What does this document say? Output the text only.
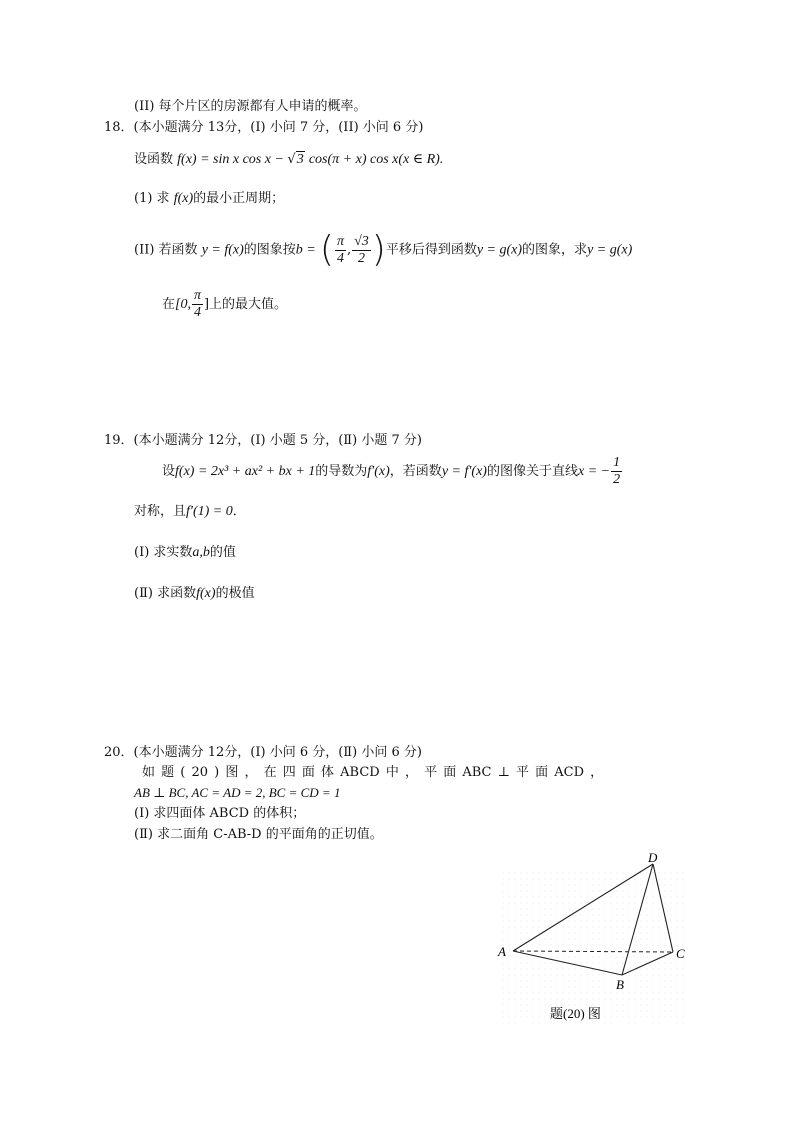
(II) 每个片区的房源都有人申请的概率。
18．(本小题满分 13分，(I) 小问 7 分，(II) 小问 6 分)
设函数 f(x) = sin x cos x − √3 cos(π + x) cos x(x ∈ R).
(1) 求 f(x)的最小正周期；
(II) 若函数 y = f(x)的图象按b = ( $\frac{\pi}{4}$ , $\frac{√3}{2}$ )平移后得到函数y = g(x)的图象，求y = g(x)
在[0, $\frac{\pi}{4}$ ]上的最大值。
19．(本小题满分 12分，(Ⅰ) 小题 5 分，(Ⅱ) 小题 7 分)
设f(x) = 2x³ + ax² + bx + 1的导数为f′(x)，若函数y = f′(x)的图像关于直线x = − $\frac{1}{2}$
对称，且f′(1) = 0．
(Ⅰ) 求实数a,b的值
(Ⅱ) 求函数f(x)的极值
20．(本小题满分 12分，(Ⅰ) 小问 6 分，(Ⅱ) 小问 6 分)
如 题 ( 20 ) 图 ， 在 四 面 体 ABCD 中 ， 平 面 ABC ⊥ 平 面 ACD ，
AB ⊥ BC, AC = AD = 2, BC = CD = 1
(Ⅰ) 求四面体 ABCD 的体积；
(Ⅱ) 求二面角 C-AB-D 的平面角的正切值。
D
A	C
B
题(20) 图
